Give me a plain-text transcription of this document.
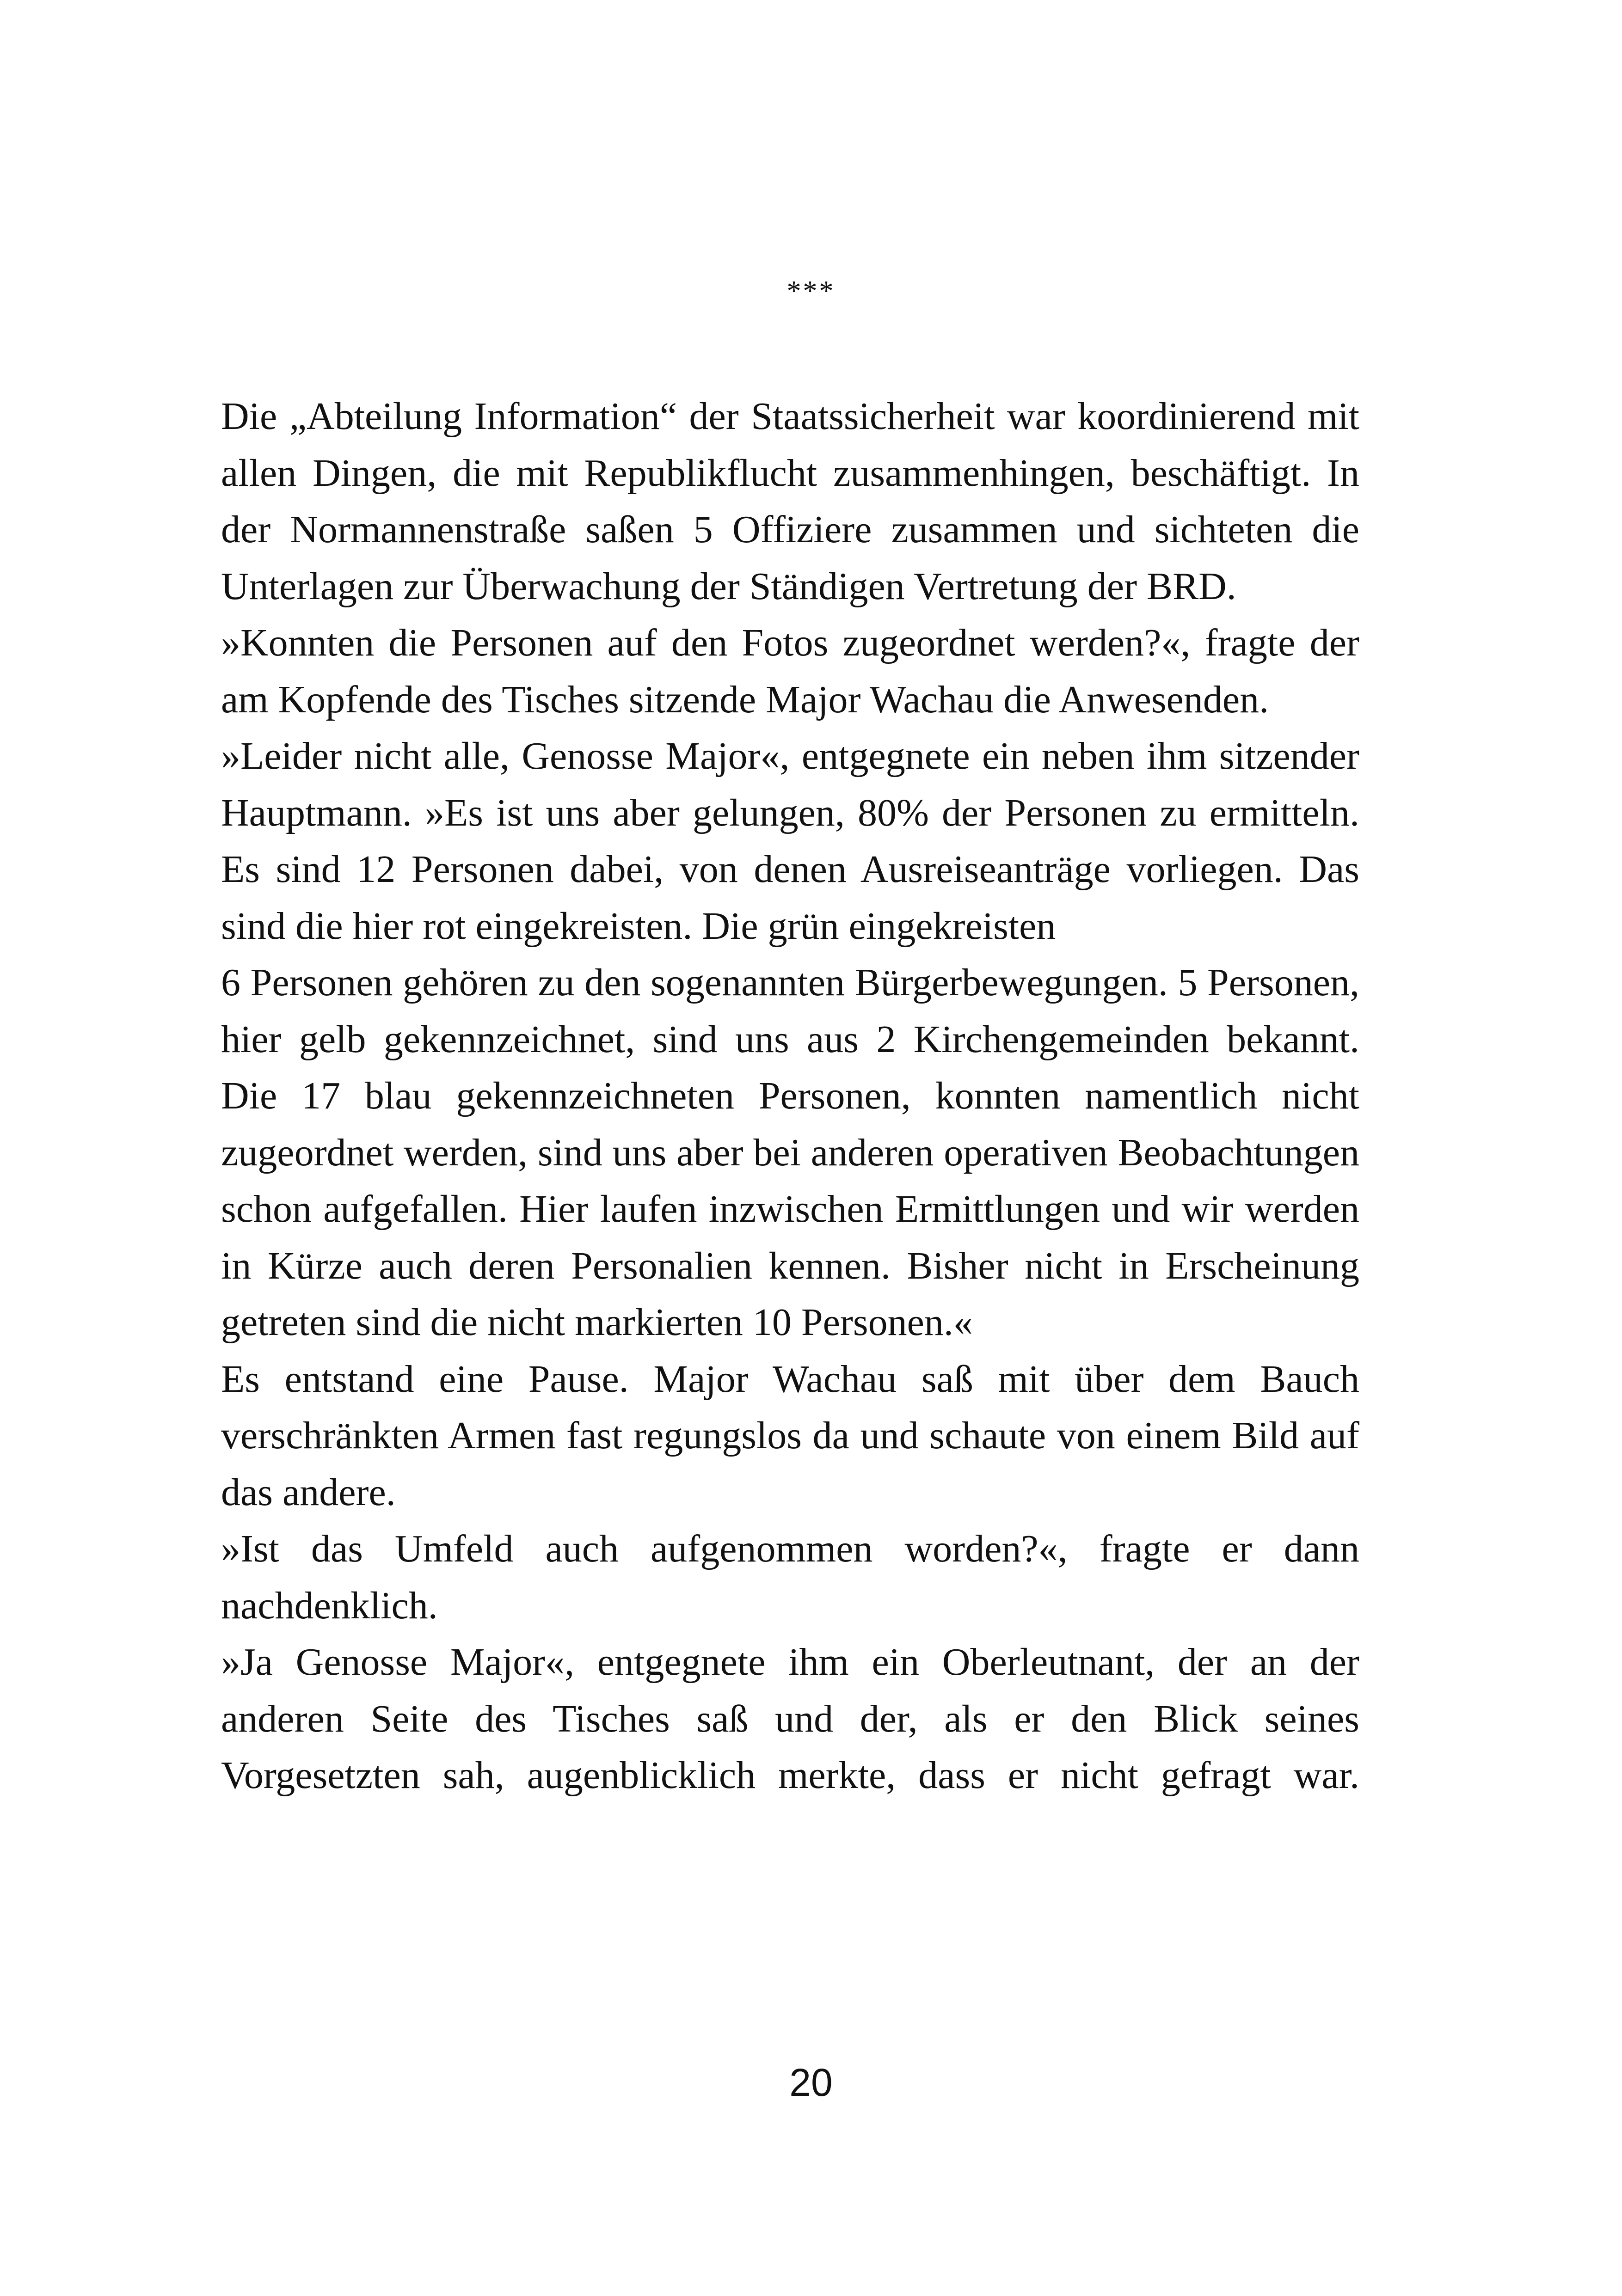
***

Die „Abteilung Information“ der Staatssicherheit war koordinierend mit allen Dingen, die mit Republikflucht zusammenhingen, beschäftigt. In der Normannenstraße saßen 5 Offiziere zusammen und sichteten die Unterlagen zur Überwachung der Ständigen Vertretung der BRD.

»Konnten die Personen auf den Fotos zugeordnet werden?«, fragte der am Kopfende des Tisches sitzende Major Wachau die Anwesenden.

»Leider nicht alle, Genosse Major«, entgegnete ein neben ihm sitzender Hauptmann. »Es ist uns aber gelungen, 80% der Personen zu ermitteln. Es sind 12 Personen dabei, von denen Ausreiseanträge vorliegen. Das sind die hier rot eingekreisten. Die grün eingekreisten

6 Personen gehören zu den sogenannten Bürgerbewegungen. 5 Personen, hier gelb gekennzeichnet, sind uns aus 2 Kirchengemeinden bekannt. Die 17 blau gekennzeichneten Personen, konnten namentlich nicht zugeordnet werden, sind uns aber bei anderen operativen Beobachtungen schon aufgefallen. Hier laufen inzwischen Ermittlungen und wir werden in Kürze auch deren Personalien kennen. Bisher nicht in Erscheinung getreten sind die nicht markierten 10 Personen.«

Es entstand eine Pause. Major Wachau saß mit über dem Bauch verschränkten Armen fast regungslos da und schaute von einem Bild auf das andere.

»Ist das Umfeld auch aufgenommen worden?«, fragte er dann nachdenklich.

»Ja Genosse Major«, entgegnete ihm ein Oberleutnant, der an der anderen Seite des Tisches saß und der, als er den Blick seines Vorgesetzten sah, augenblicklich merkte, dass er nicht gefragt war.

20
